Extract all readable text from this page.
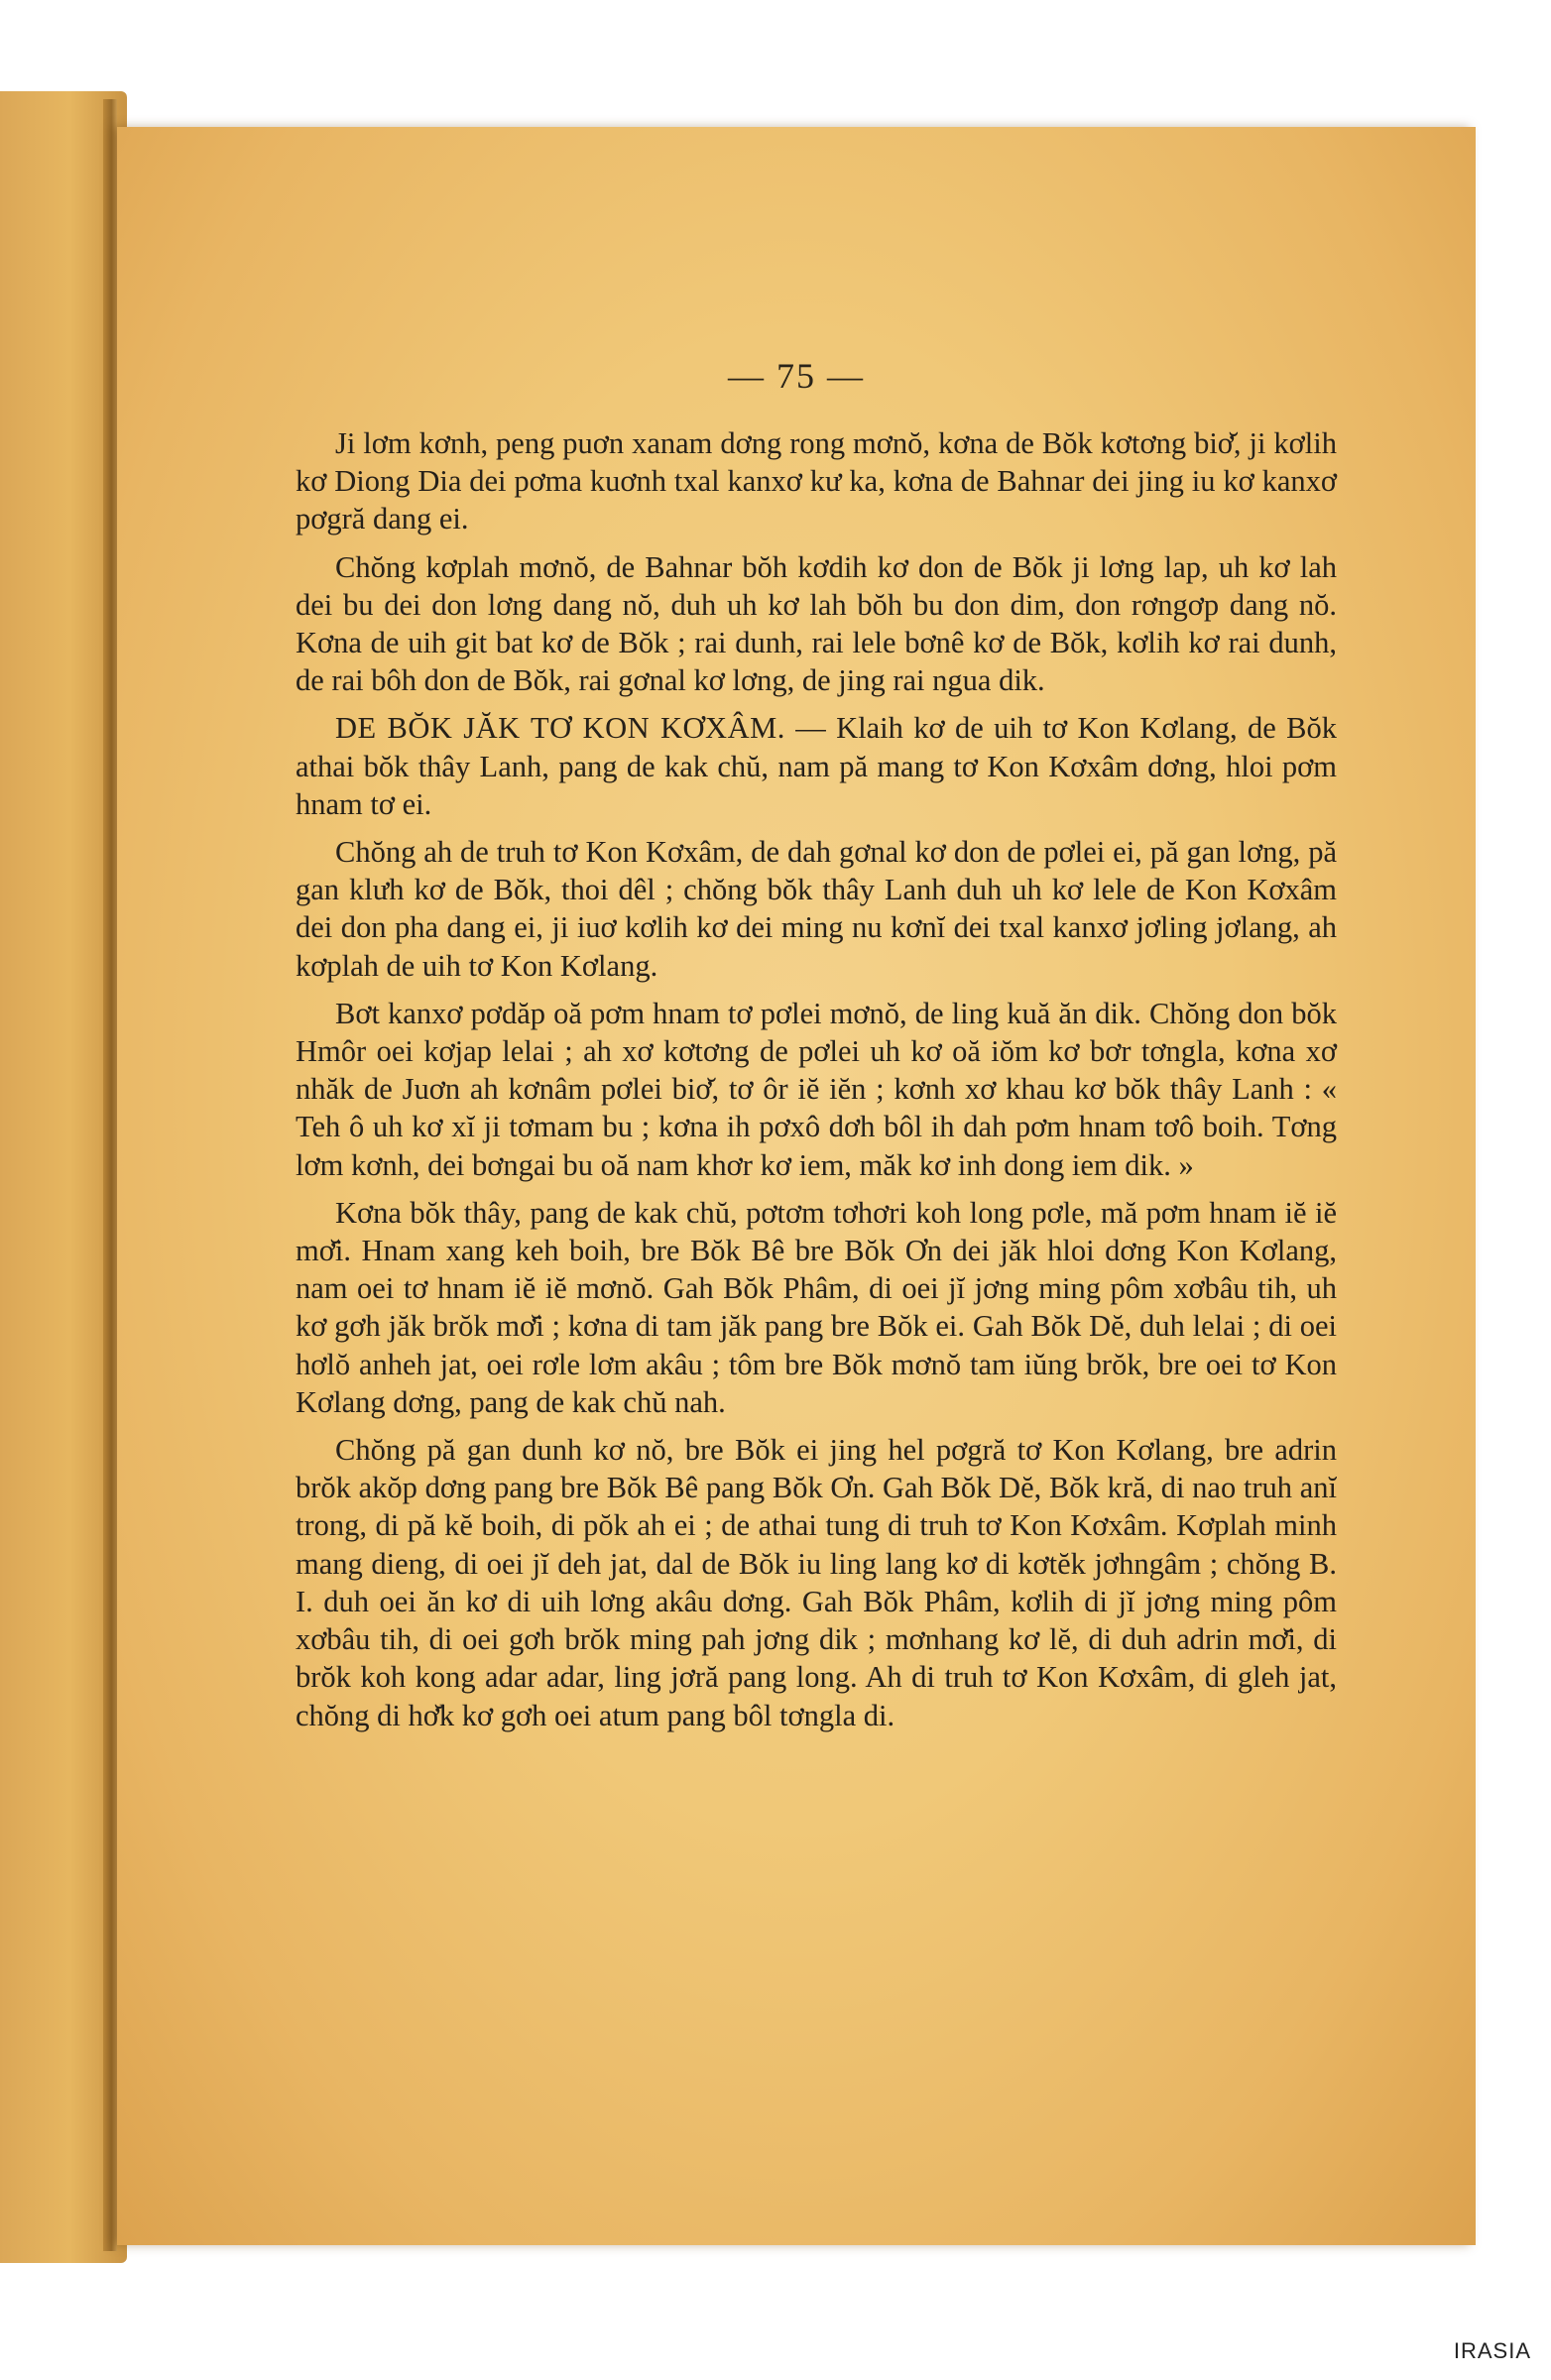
— 75 —

Ji lơm kơnh, peng puơn xanam dơng rong mơnŏ, kơna de Bŏk kơtơng biơ̆, ji kơlih kơ Diong Dia dei pơma kuơnh txal kanxơ kư ka, kơna de Bahnar dei jing iu kơ kanxơ pơgră dang ei.

Chŏng kơplah mơnŏ, de Bahnar bŏh kơdih kơ don de Bŏk ji lơng lap, uh kơ lah dei bu dei don lơng dang nŏ, duh uh kơ lah bŏh bu don dim, don rơngơp dang nŏ. Kơna de uih git bat kơ de Bŏk ; rai dunh, rai lele bơnê kơ de Bŏk, kơlih kơ rai dunh, de rai bôh don de Bŏk, rai gơnal kơ lơng, de jing rai ngua dik.

DE BŎK JĂK TƠ KON KƠXÂM. — Klaih kơ de uih tơ Kon Kơlang, de Bŏk athai bŏk thây Lanh, pang de kak chŭ, nam pă mang tơ Kon Kơxâm dơng, hloi pơm hnam tơ ei.

Chŏng ah de truh tơ Kon Kơxâm, de dah gơnal kơ don de pơlei ei, pă gan lơng, pă gan klưh kơ de Bŏk, thoi dêl ; chŏng bŏk thây Lanh duh uh kơ lele de Kon Kơxâm dei don pha dang ei, ji iuơ kơlih kơ dei ming nu kơnĭ dei txal kanxơ jơling jơlang, ah kơplah de uih tơ Kon Kơlang.

Bơt kanxơ pơdăp oă pơm hnam tơ pơlei mơnŏ, de ling kuă ăn dik. Chŏng don bŏk Hmôr oei kơjap lelai ; ah xơ kơtơng de pơlei uh kơ oă iŏm kơ bơr tơngla, kơna xơ nhăk de Juơn ah kơnâm pơlei biơ̆, tơ ôr iĕ iĕn ; kơnh xơ khau kơ bŏk thây Lanh : « Teh ô uh kơ xĭ ji tơmam bu ; kơna ih pơxô dơh bôl ih dah pơm hnam tơô boih. Tơng lơm kơnh, dei bơngai bu oă nam khơr kơ iem, măk kơ inh dong iem dik. »

Kơna bŏk thây, pang de kak chŭ, pơtơm tơhơri koh long pơle, mă pơm hnam iĕ iĕ mơ̆i. Hnam xang keh boih, bre Bŏk Bê bre Bŏk Ơn dei jăk hloi dơng Kon Kơlang, nam oei tơ hnam iĕ iĕ mơnŏ. Gah Bŏk Phâm, di oei jĭ jơng ming pôm xơbâu tih, uh kơ gơh jăk brŏk mơ̆i ; kơna di tam jăk pang bre Bŏk ei. Gah Bŏk Dĕ, duh lelai ; di oei hơlŏ anheh jat, oei rơle lơm akâu ; tôm bre Bŏk mơnŏ tam iŭng brŏk, bre oei tơ Kon Kơlang dơng, pang de kak chŭ nah.

Chŏng pă gan dunh kơ nŏ, bre Bŏk ei jing hel pơgră tơ Kon Kơlang, bre adrin brŏk akŏp dơng pang bre Bŏk Bê pang Bŏk Ơn. Gah Bŏk Dĕ, Bŏk kră, di nao truh anĭ trong, di pă kĕ boih, di pŏk ah ei ; de athai tung di truh tơ Kon Kơxâm. Kơplah minh mang dieng, di oei jĭ deh jat, dal de Bŏk iu ling lang kơ di kơtĕk jơhngâm ; chŏng B. I. duh oei ăn kơ di uih lơng akâu dơng. Gah Bŏk Phâm, kơlih di jĭ jơng ming pôm xơbâu tih, di oei gơh brŏk ming pah jơng dik ; mơnhang kơ lĕ, di duh adrin mơ̆i, di brŏk koh kong adar adar, ling jơră pang long. Ah di truh tơ Kon Kơxâm, di gleh jat, chŏng di hơ̆k kơ gơh oei atum pang bôl tơngla di.

IRASIA
